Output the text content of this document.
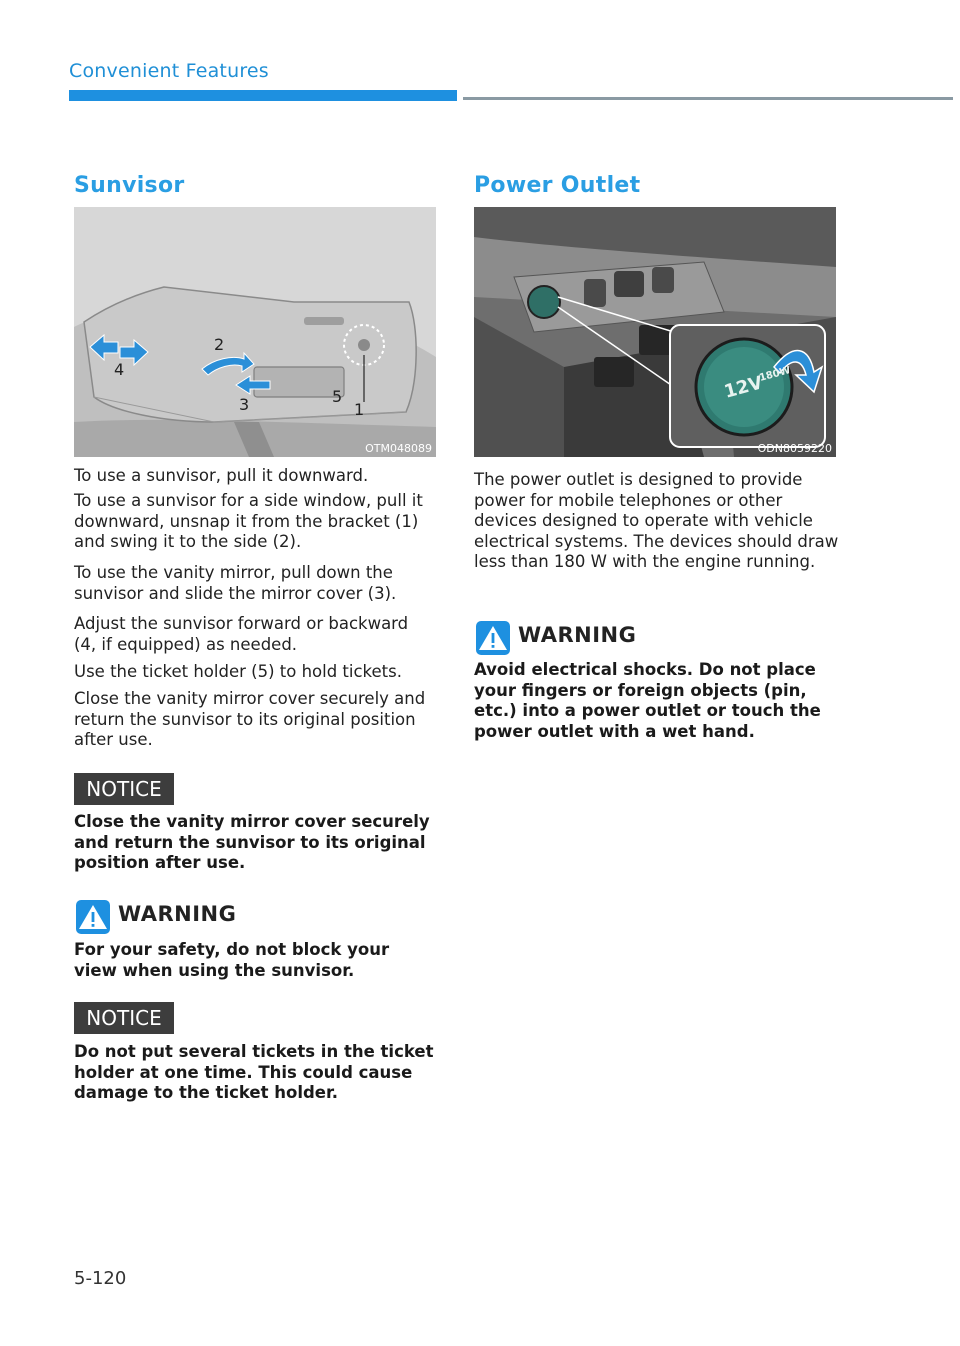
Convenient Features
Sunvisor
1
2
3
4
5
OTM048089

To use a sunvisor, pull it downward.

To use a sunvisor for a side window, pull it downward, unsnap it from the bracket (1) and swing it to the side (2).

To use the vanity mirror, pull down the sunvisor and slide the mirror cover (3).

Adjust the sunvisor forward or backward (4, if equipped) as needed.

Use the ticket holder (5) to hold tickets.

Close the vanity mirror cover securely and return the sunvisor to its original position after use.

NOTICE

Close the vanity mirror cover securely and return the sunvisor to its original position after use.

WARNING

For your safety, do not block your view when using the sunvisor.

NOTICE

Do not put several tickets in the ticket holder at one time. This could cause damage to the ticket holder.

Power Outlet
12V
180W
ODN8059220

The power outlet is designed to provide power for mobile telephones or other devices designed to operate with vehicle electrical systems. The devices should draw less than 180 W with the engine running.

WARNING

Avoid electrical shocks. Do not place your fingers or foreign objects (pin, etc.) into a power outlet or touch the power outlet with a wet hand.

5-120
